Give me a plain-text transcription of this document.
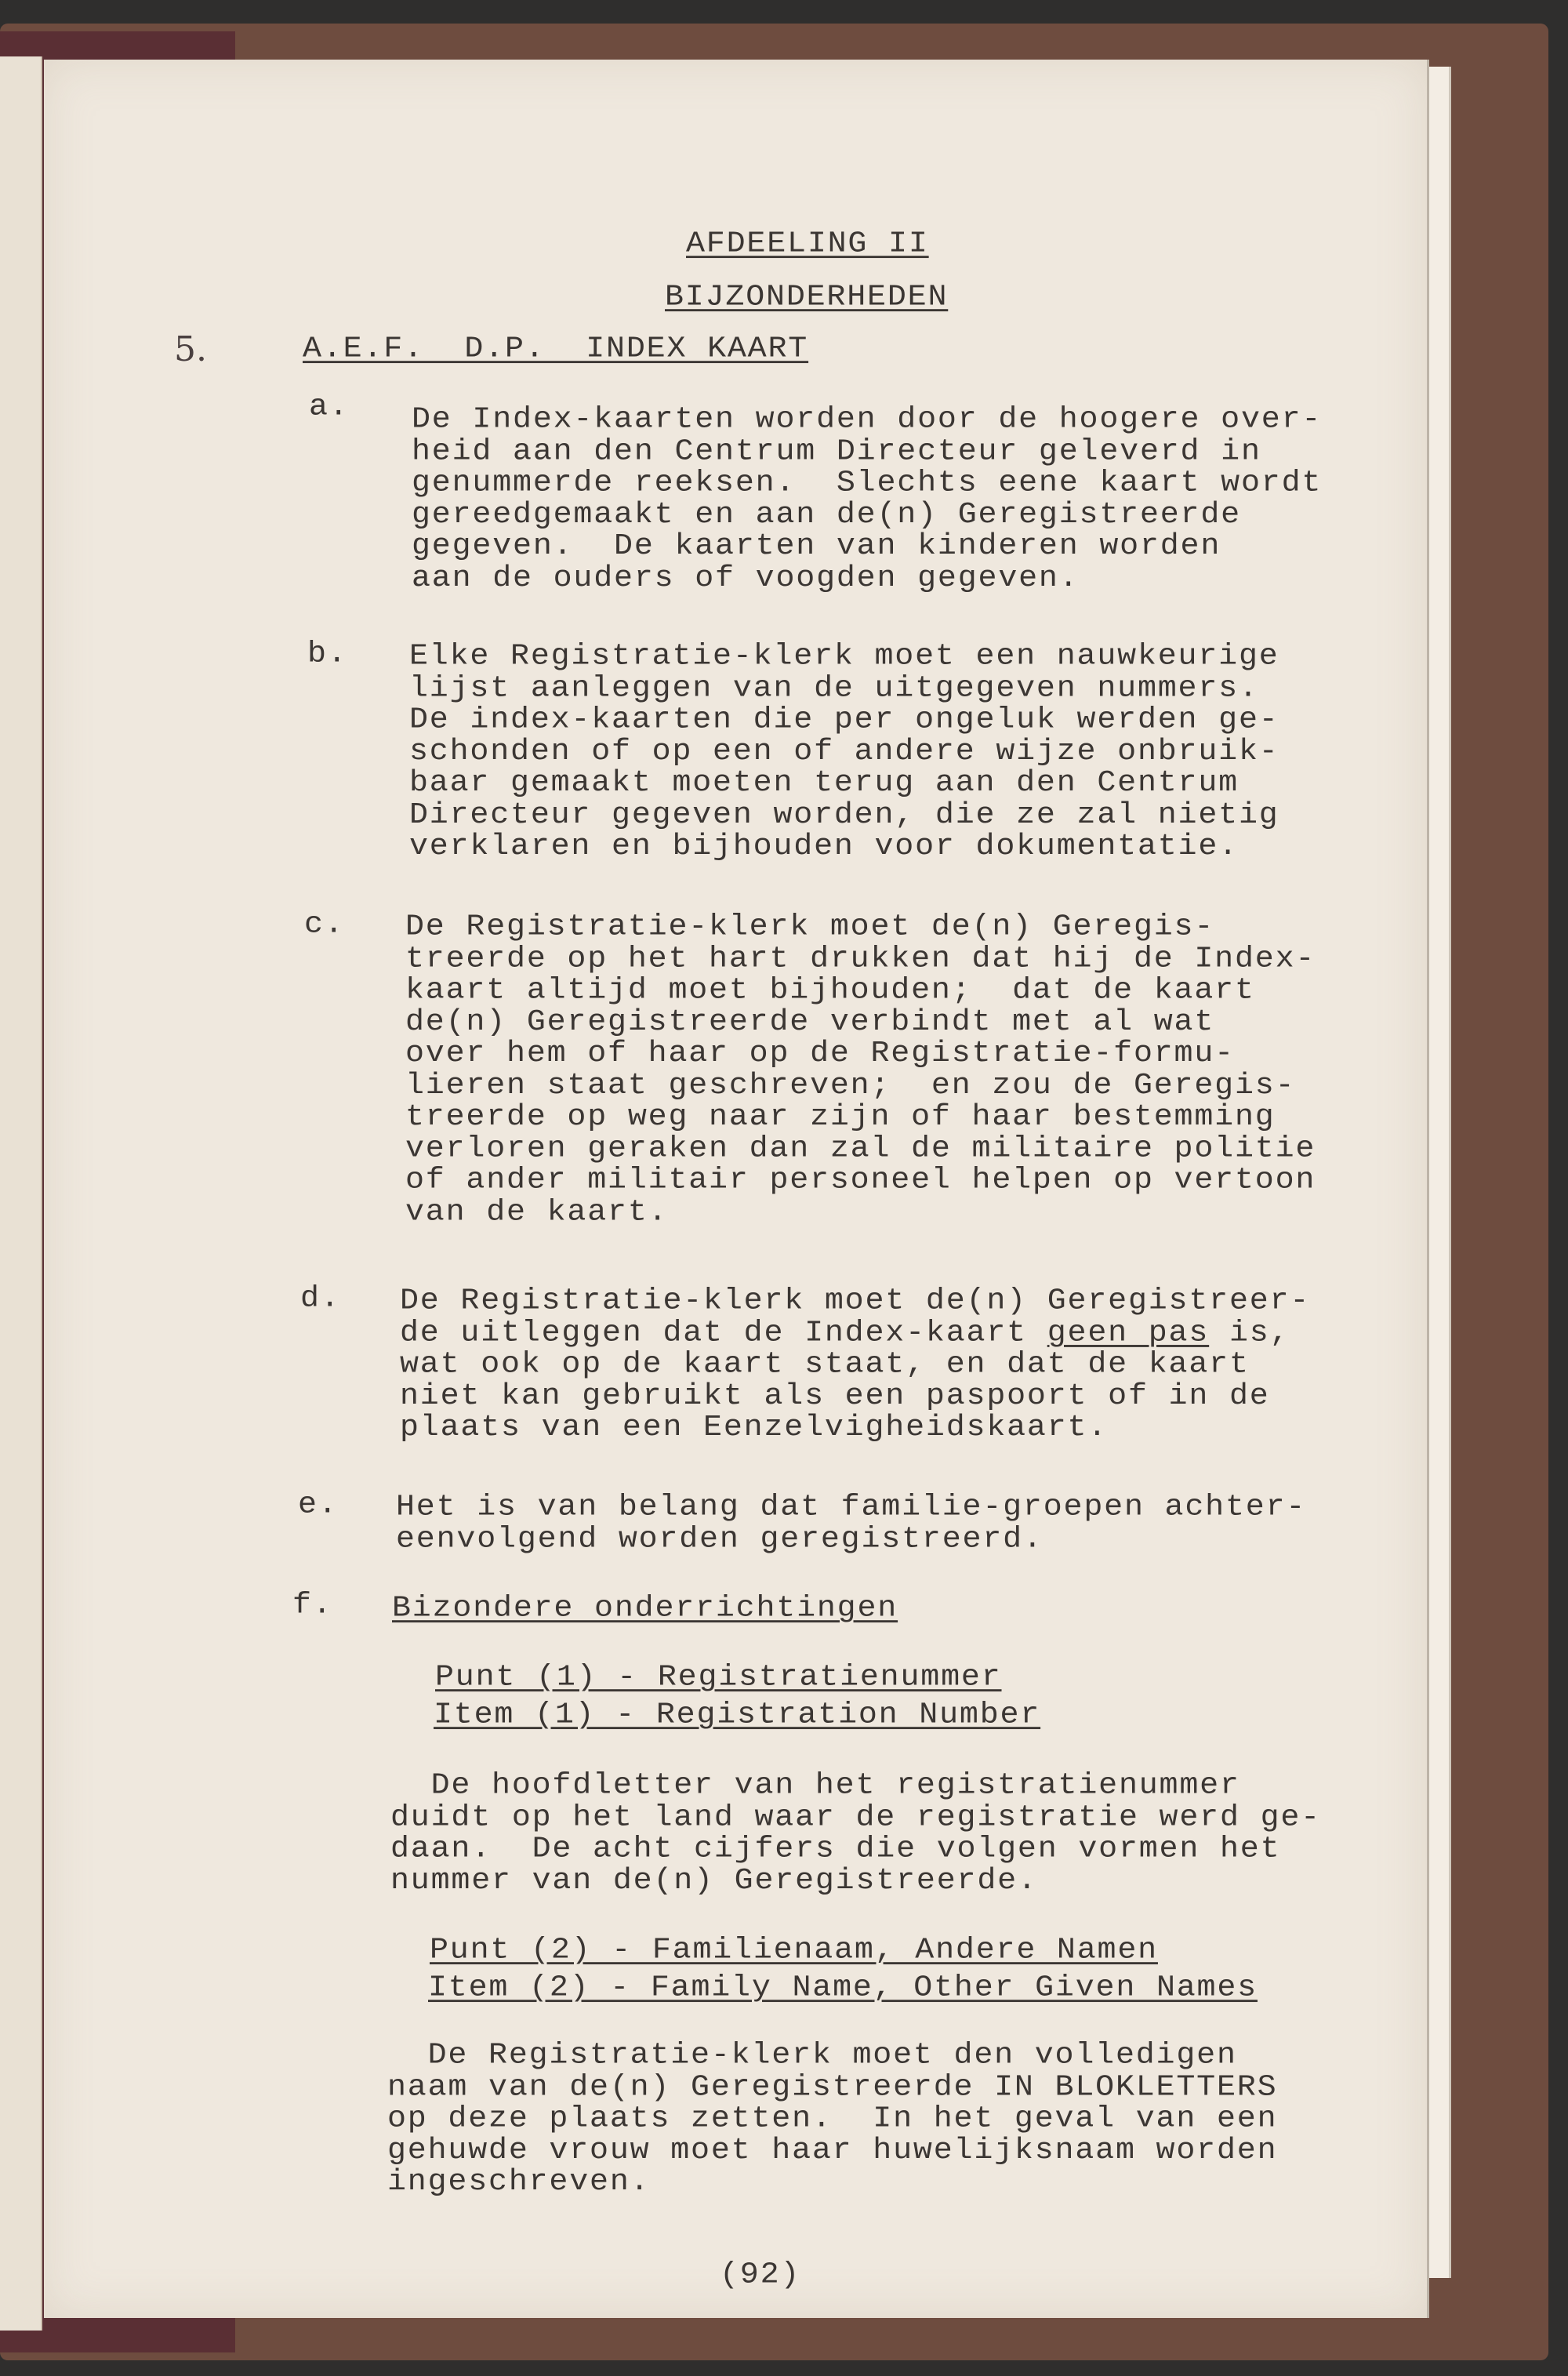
AFDEELING II
BIJZONDERHEDEN
5.	A.E.F.  D.P.  INDEX KAART
a. De Index-kaarten worden door de hoogere over-
heid aan den Centrum Directeur geleverd in
genummerde reeksen.  Slechts eene kaart wordt
gereedgemaakt en aan de(n) Geregistreerde
gegeven.  De kaarten van kinderen worden
aan de ouders of voogden gegeven.
b. Elke Registratie-klerk moet een nauwkeurige
lijst aanleggen van de uitgegeven nummers.
De index-kaarten die per ongeluk werden ge-
schonden of op een of andere wijze onbruik-
baar gemaakt moeten terug aan den Centrum
Directeur gegeven worden, die ze zal nietig
verklaren en bijhouden voor dokumentatie.
c. De Registratie-klerk moet de(n) Geregis-
treerde op het hart drukken dat hij de Index-
kaart altijd moet bijhouden;  dat de kaart
de(n) Geregistreerde verbindt met al wat
over hem of haar op de Registratie-formu-
lieren staat geschreven;  en zou de Geregis-
treerde op weg naar zijn of haar bestemming
verloren geraken dan zal de militaire politie
of ander militair personeel helpen op vertoon
van de kaart.
d. De Registratie-klerk moet de(n) Geregistreer-
de uitleggen dat de Index-kaart geen pas is,
wat ook op de kaart staat, en dat de kaart
niet kan gebruikt als een paspoort of in de
plaats van een Eenzelvigheidskaart.
e. Het is van belang dat familie-groepen achter-
eenvolgend worden geregistreerd.
f. Bizondere onderrichtingen
Punt (1) - Registratienummer
Item (1) - Registration Number
De hoofdletter van het registratienummer
duidt op het land waar de registratie werd ge-
daan.  De acht cijfers die volgen vormen het
nummer van de(n) Geregistreerde.
Punt (2) - Familienaam, Andere Namen
Item (2) - Family Name, Other Given Names
De Registratie-klerk moet den volledigen
naam van de(n) Geregistreerde IN BLOKLETTERS
op deze plaats zetten.  In het geval van een
gehuwde vrouw moet haar huwelijksnaam worden
ingeschreven.
(92)
